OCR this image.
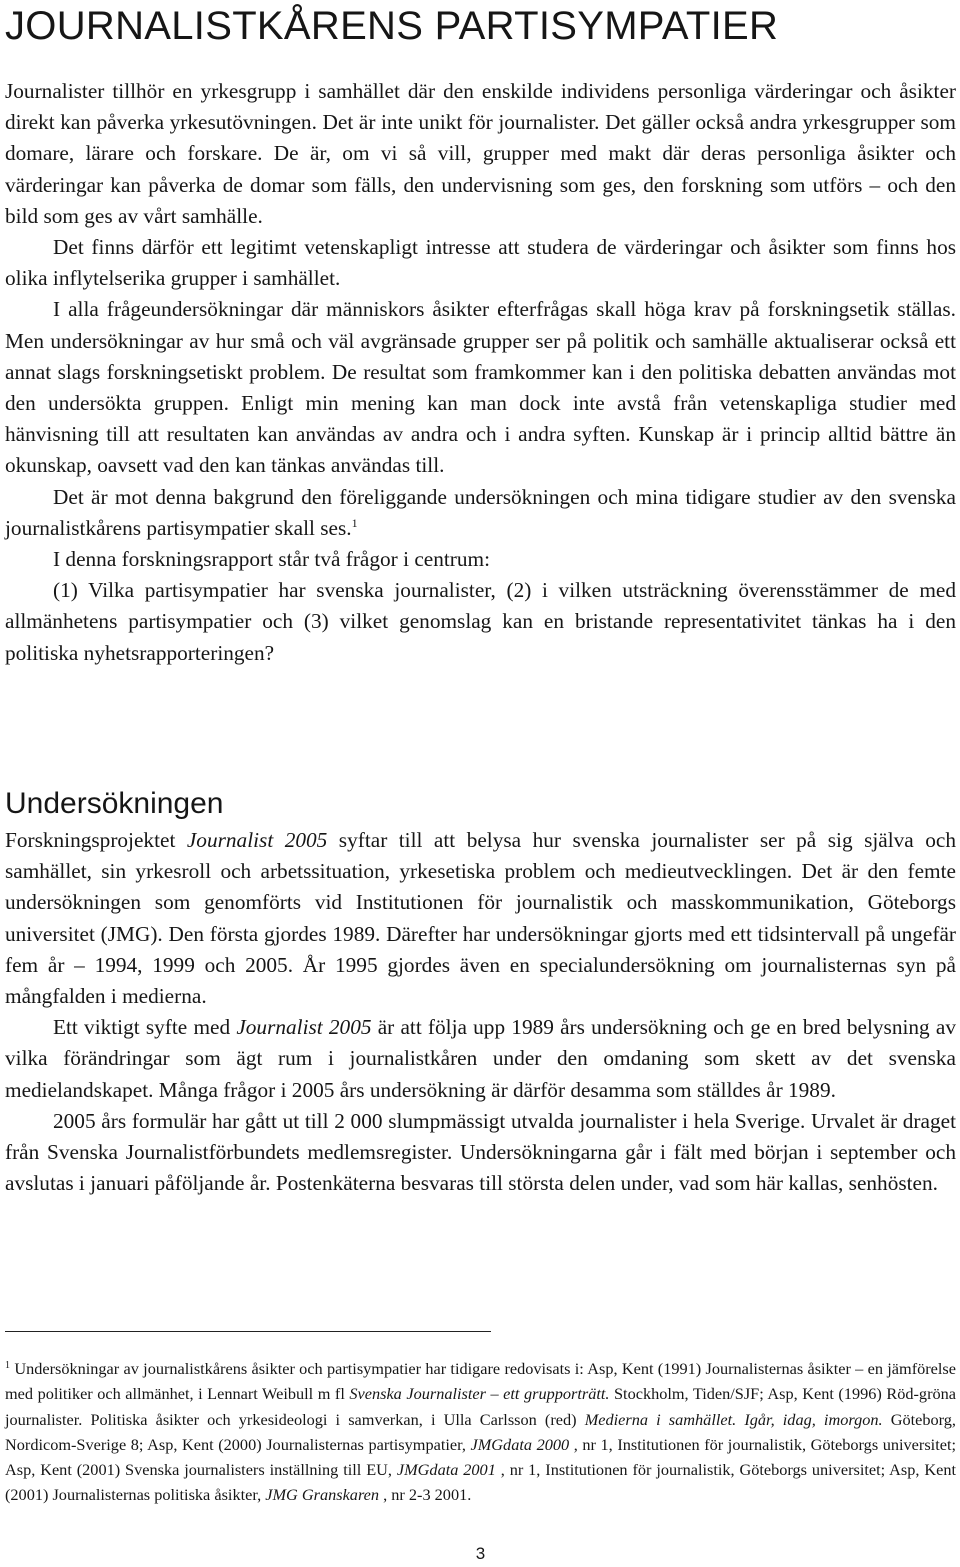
JOURNALISTKÅRENS PARTISYMPATIER

Journalister tillhör en yrkesgrupp i samhället där den enskilde individens personliga värderingar och åsikter direkt kan påverka yrkesutövningen. Det är inte unikt för journalister. Det gäller också andra yrkesgrupper som domare, lärare och forskare. De är, om vi så vill, grupper med makt där deras personliga åsikter och värderingar kan påverka de domar som fälls, den undervisning som ges, den forskning som utförs – och den bild som ges av vårt samhälle.

Det finns därför ett legitimt vetenskapligt intresse att studera de värderingar och åsikter som finns hos olika inflytelserika grupper i samhället.

I alla frågeundersökningar där människors åsikter efterfrågas skall höga krav på forskningsetik ställas. Men undersökningar av hur små och väl avgränsade grupper ser på politik och samhälle aktualiserar också ett annat slags forskningsetiskt problem. De resultat som framkommer kan i den politiska debatten användas mot den undersökta gruppen. Enligt min mening kan man dock inte avstå från vetenskapliga studier med hänvisning till att resultaten kan användas av andra och i andra syften. Kunskap är i princip alltid bättre än okunskap, oavsett vad den kan tänkas användas till.

Det är mot denna bakgrund den föreliggande undersökningen och mina tidigare studier av den svenska journalistkårens partisympatier skall ses.$^1$

I denna forskningsrapport står två frågor i centrum:

(1) Vilka partisympatier har svenska journalister, (2) i vilken utsträckning överensstämmer de med allmänhetens partisympatier och (3) vilket genomslag kan en bristande representativitet tänkas ha i den politiska nyhetsrapporteringen?

Undersökningen

Forskningsprojektet Journalist 2005 syftar till att belysa hur svenska journalister ser på sig själva och samhället, sin yrkesroll och arbetssituation, yrkesetiska problem och medieutvecklingen. Det är den femte undersökningen som genomförts vid Institutionen för journalistik och masskommunikation, Göteborgs universitet (JMG). Den första gjordes 1989. Därefter har undersökningar gjorts med ett tidsintervall på ungefär fem år – 1994, 1999 och 2005. År 1995 gjordes även en specialundersökning om journalisternas syn på mångfalden i medierna.

Ett viktigt syfte med Journalist 2005 är att följa upp 1989 års undersökning och ge en bred belysning av vilka förändringar som ägt rum i journalistkåren under den omdaning som skett av det svenska medielandskapet. Många frågor i 2005 års undersökning är därför desamma som ställdes år 1989.

2005 års formulär har gått ut till 2 000 slumpmässigt utvalda journalister i hela Sverige. Urvalet är draget från Svenska Journalistförbundets medlemsregister. Undersökningarna går i fält med början i september och avslutas i januari påföljande år. Postenkäterna besvaras till största delen under, vad som här kallas, senhösten.

$^1$ Undersökningar av journalistkårens åsikter och partisympatier har tidigare redovisats i: Asp, Kent (1991) Journalisternas åsikter – en jämförelse med politiker och allmänhet, i Lennart Weibull m fl Svenska Journalister – ett grupporträtt. Stockholm, Tiden/SJF; Asp, Kent (1996) Röd-gröna journalister. Politiska åsikter och yrkesideologi i samverkan, i Ulla Carlsson (red) Medierna i samhället. Igår, idag, imorgon. Göteborg, Nordicom-Sverige 8; Asp, Kent (2000) Journalisternas partisympatier, JMGdata 2000 , nr 1, Institutionen för journalistik, Göteborgs universitet; Asp, Kent (2001) Svenska journalisters inställning till EU, JMGdata 2001 , nr 1, Institutionen för journalistik, Göteborgs universitet; Asp, Kent (2001) Journalisternas politiska åsikter, JMG Granskaren , nr 2-3 2001.
3
